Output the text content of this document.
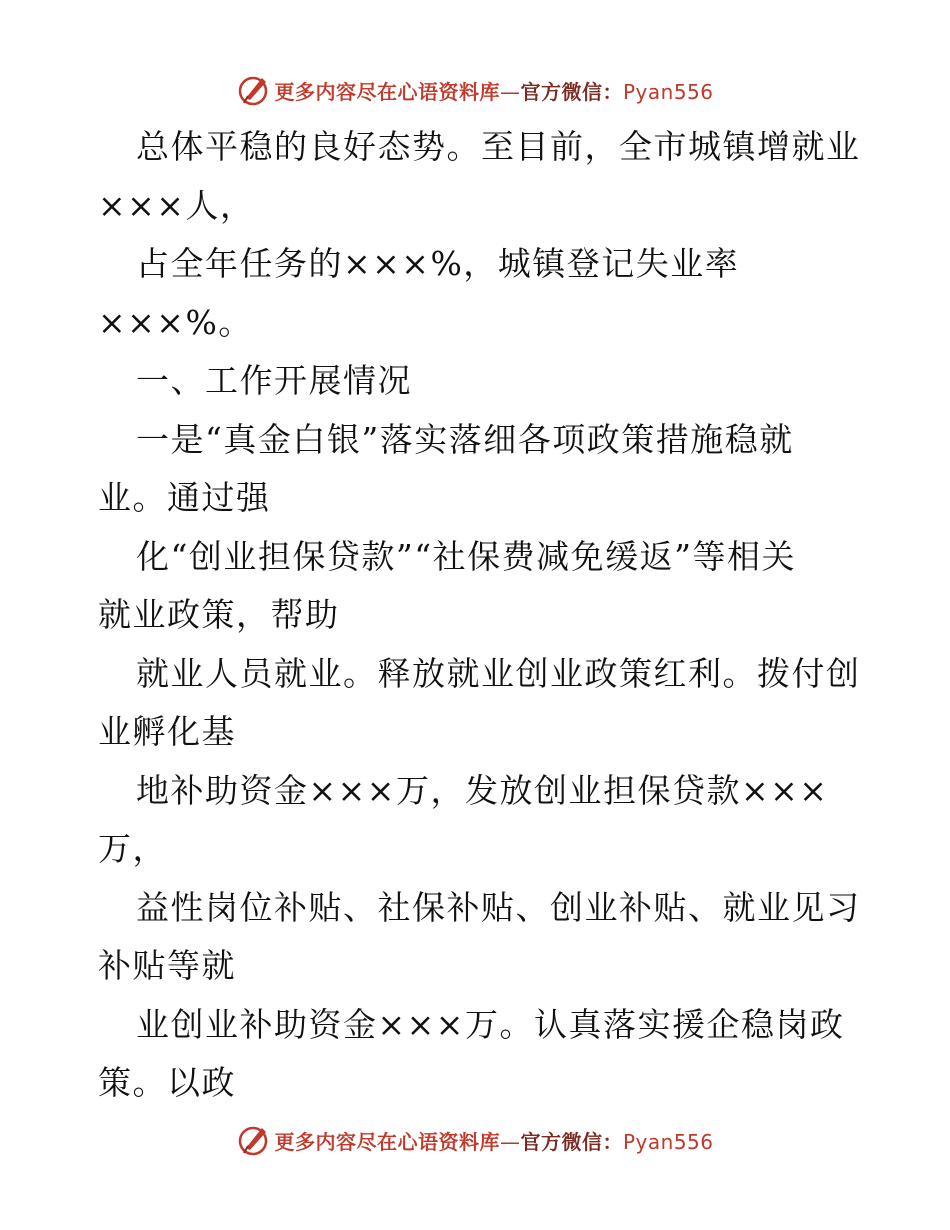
更多内容尽在心语资料库—官方微信：Pyan556
总体平稳的良好态势。至目前，全市城镇增就业
×××人，
占全年任务的×××%，城镇登记失业率
×××%。
一、工作开展情况
一是“真金白银”落实落细各项政策措施稳就
业。通过强
化“创业担保贷款”“社保费减免缓返”等相关
就业政策，帮助
就业人员就业。释放就业创业政策红利。拨付创
业孵化基
地补助资金×××万，发放创业担保贷款×××
万，
益性岗位补贴、社保补贴、创业补贴、就业见习
补贴等就
业创业补助资金×××万。认真落实援企稳岗政
策。以政
更多内容尽在心语资料库—官方微信：Pyan556
